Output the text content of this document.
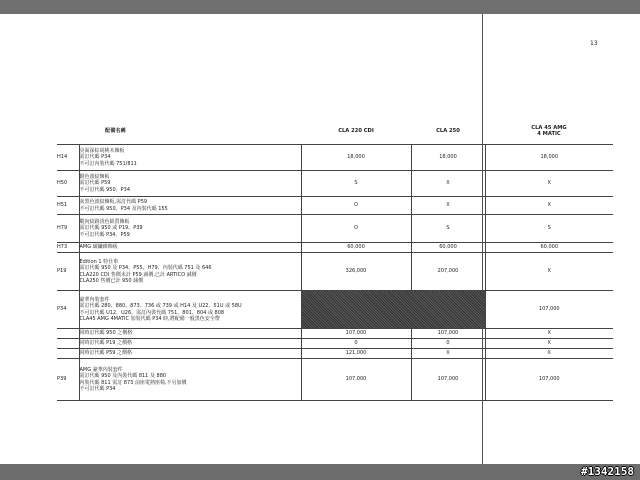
13
	配備名稱	CLA 220 CDI	CLA 250	CLA 45 AMG
4 MATIC

H14	亮面深棕胡桃木飾板
需訂代碼 P34
不可訂內裝代碼 751/811	18,000	18,000	18,000
H50	銀色波紋飾板
需訂代碼 P59
不可訂代碼 950、P34	S	X	X
H51	灰黑色波紋飾板,需訂代碼 P59
不可訂代碼 950、P34 及內裝代碼 155	O	X	X
H79	縱向紋路淡色鋁質飾板
需訂代碼 950 或 P19、P39
不可訂代碼 P34、P59	O	S	S
H73	AMG 碳纖維飾板	60,000	60,000	60,000
P19	Edition 1 特仕車
需訂代碼 950 及 P34、P55、H79、內裝代碼 751 及 646
CLA220 CDI 售價未計 P59 減價,已計 ARTICO 減價
CLA250 售價已計 950 減價	326,000	207,000	X
P34	豪華內裝套件
需訂代碼 280、880、873、736 或 739 或 H14 及 U22、51U 或 58U
不可訂代碼 U12、U26、需訂內裝代碼 751、801、804 或 808
CLA45 AMG 4MATIC 加裝代碼 P34 時,將配備一般黑色安全帶			107,000

	同時訂代碼 950 之價格	107,000	107,000	X

	同時訂代碼 P19 之價格	0	0	X

	同時訂代碼 P59 之價格	121,000	X	X
P39	AMG 豪華內裝套件
需訂代碼 950 及內裝代碼 811 及 880
內裝代碼 811 需訂 873 前座電熱座椅,不另加價
不可訂代碼 P34	107,000	107,000	107,000
#1342158
